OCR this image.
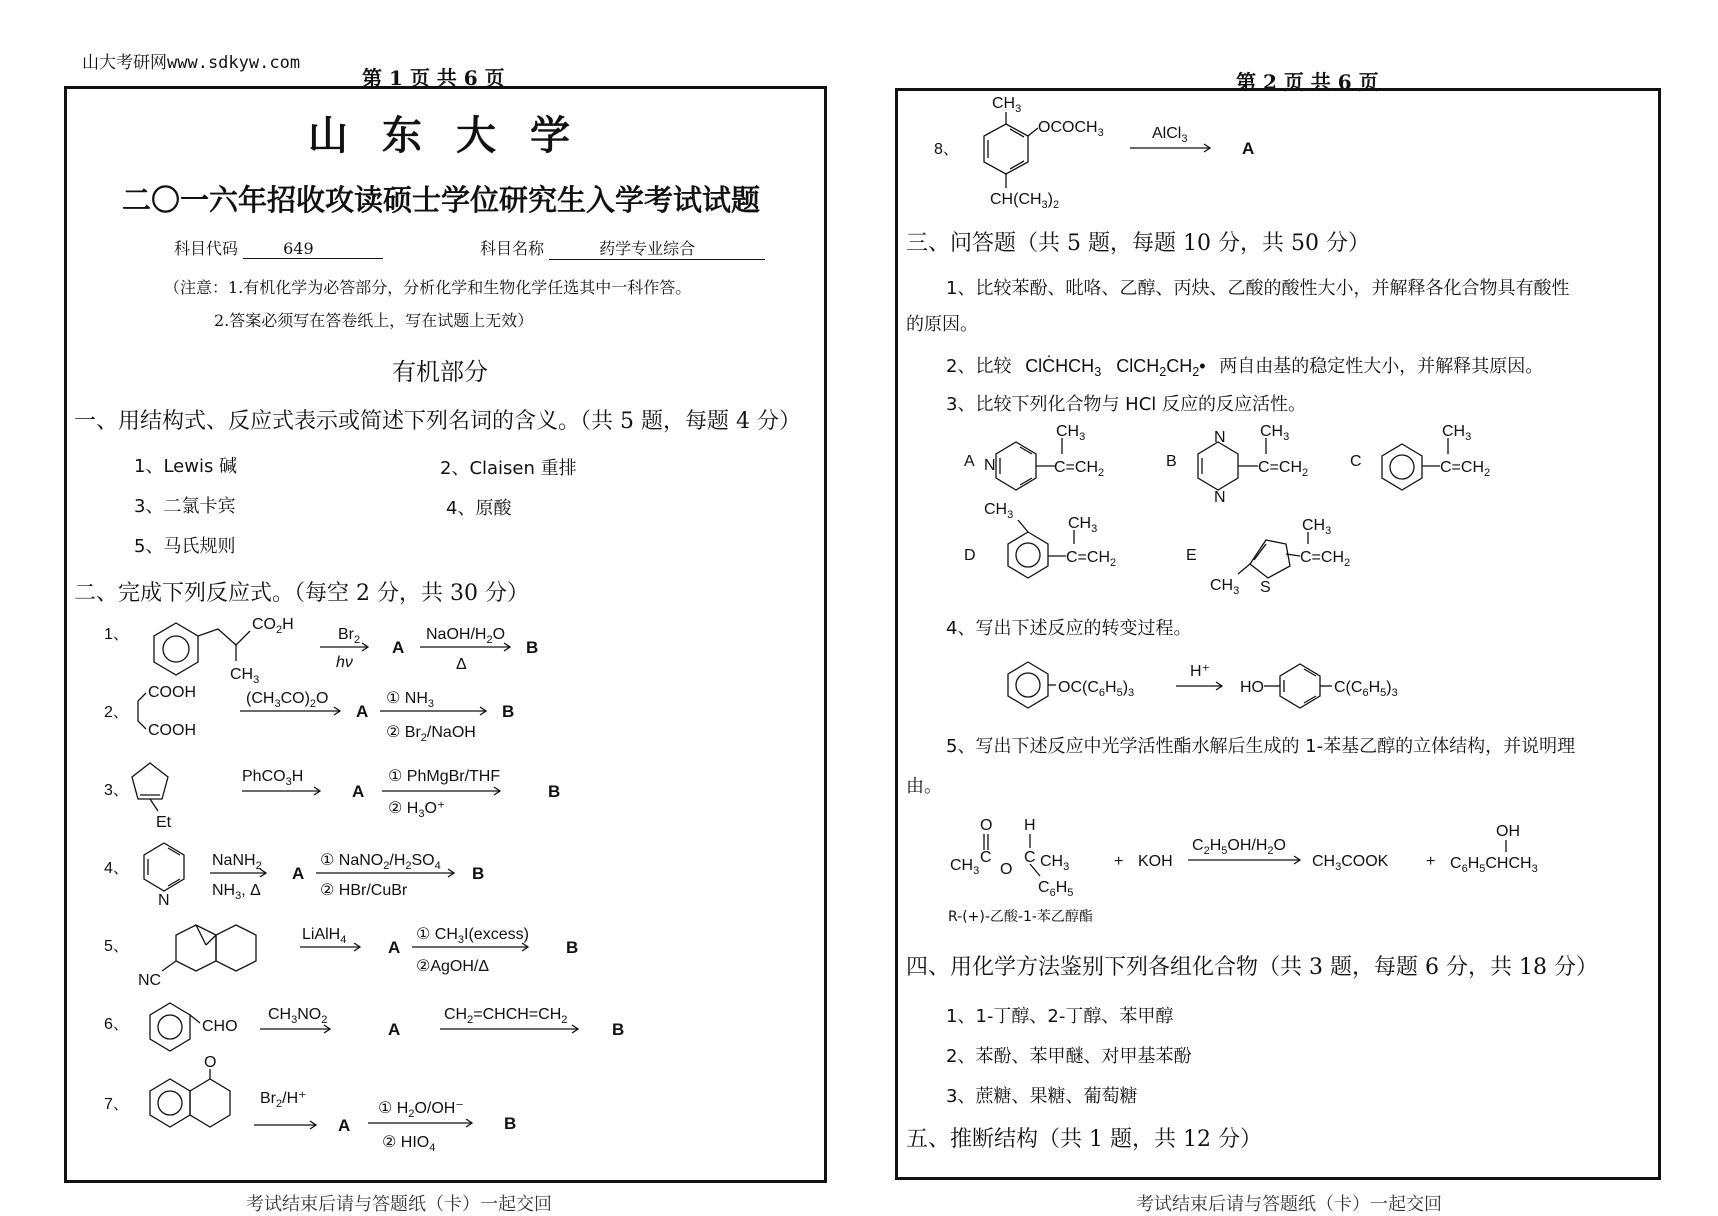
山大考研网www.sdkyw.com
第 1 页 共 6 页
山东大学
二〇一六年招收攻读硕士学位研究生入学考试试题
科目代码	649	科目名称	药学专业综合
（注意：1.有机化学为必答部分，分析化学和生物化学任选其中一科作答。
2.答案必须写在答卷纸上，写在试题上无效）
有机部分
一、用结构式、反应式表示或简述下列名词的含义。（共 5 题，每题 4 分）
1、Lewis 碱	2、Claisen 重排
3、二氯卡宾	4、原酸
5、马氏规则
二、完成下列反应式。（每空 2 分，共 30 分）
1、
$CO_2H$
$CH_3$
$Br_2$
hν
A
NaOH/$H_2O$
Δ
B
2、
COOH
COOH
$(CH_3CO)_2O$
A
① $NH_3$
② $Br_2$/NaOH
B
3、
Et
PhCO$_3$H
A
① PhMgBr/THF
② $H_3O^+$
B
4、
N
NaNH$_2$
$NH_3$, Δ
A
① $NaNO_2/H_2SO_4$
② HBr/CuBr
B
5、
NC
LiAlH$_4$ A
① $CH_3I(excess)$
②AgOH/Δ
B
6、	CHO
$CH_3NO_2$	A
$CH_2=CHCH=CH_2$	B
7、
O
$Br_2/H^+$
A
① $H_2O/OH^-$
② $HIO_4$
B
考试结束后请与答题纸（卡）一起交回
第 2 页 共 6 页
8、
$CH_3$
$OCOCH_3$
$CH(CH_3)_2$
AlCl$_3$	A
三、问答题（共 5 题，每题 10 分，共 50 分）
1、比较苯酚、吡咯、乙醇、丙炔、乙酸的酸性大小，并解释各化合物具有酸性
的原因。
2、比较 ClĊHCH$_3$   $ClCH_2CH_2•$ 两自由基的稳定性大小，并解释其原因。
3、比较下列化合物与 HCl 反应的反应活性。
A N
$CH_3$
$C=CH_2$
B
N
N
$CH_3$
$C=CH_2$
C
$CH_3$
$C=CH_2$
D
$CH_3$	$CH_3$
$C=CH_2$	E
S
$CH_3$
$CH_3$
$C=CH_2$
4、写出下述反应的转变过程。
$OC(C_6H_5)_3$
H⁺
HO	$C(C_6H_5)_3$
5、写出下述反应中光学活性酯水解后生成的 1-苯基乙醇的立体结构，并说明理
由。
$CH_3$
C
O
O
C
H
$CH_3$
$C_6H_5$
+ KOH
$C_2H_5OH/H_2O$
$CH_3COOK$ + $C_6H_5CHCH_3$
OH
R-(+)-乙酸-1-苯乙醇酯
四、用化学方法鉴别下列各组化合物（共 3 题，每题 6 分，共 18 分）
1、1-丁醇、2-丁醇、苯甲醇
2、苯酚、苯甲醚、对甲基苯酚
3、蔗糖、果糖、葡萄糖
五、推断结构（共 1 题，共 12 分）
考试结束后请与答题纸（卡）一起交回
